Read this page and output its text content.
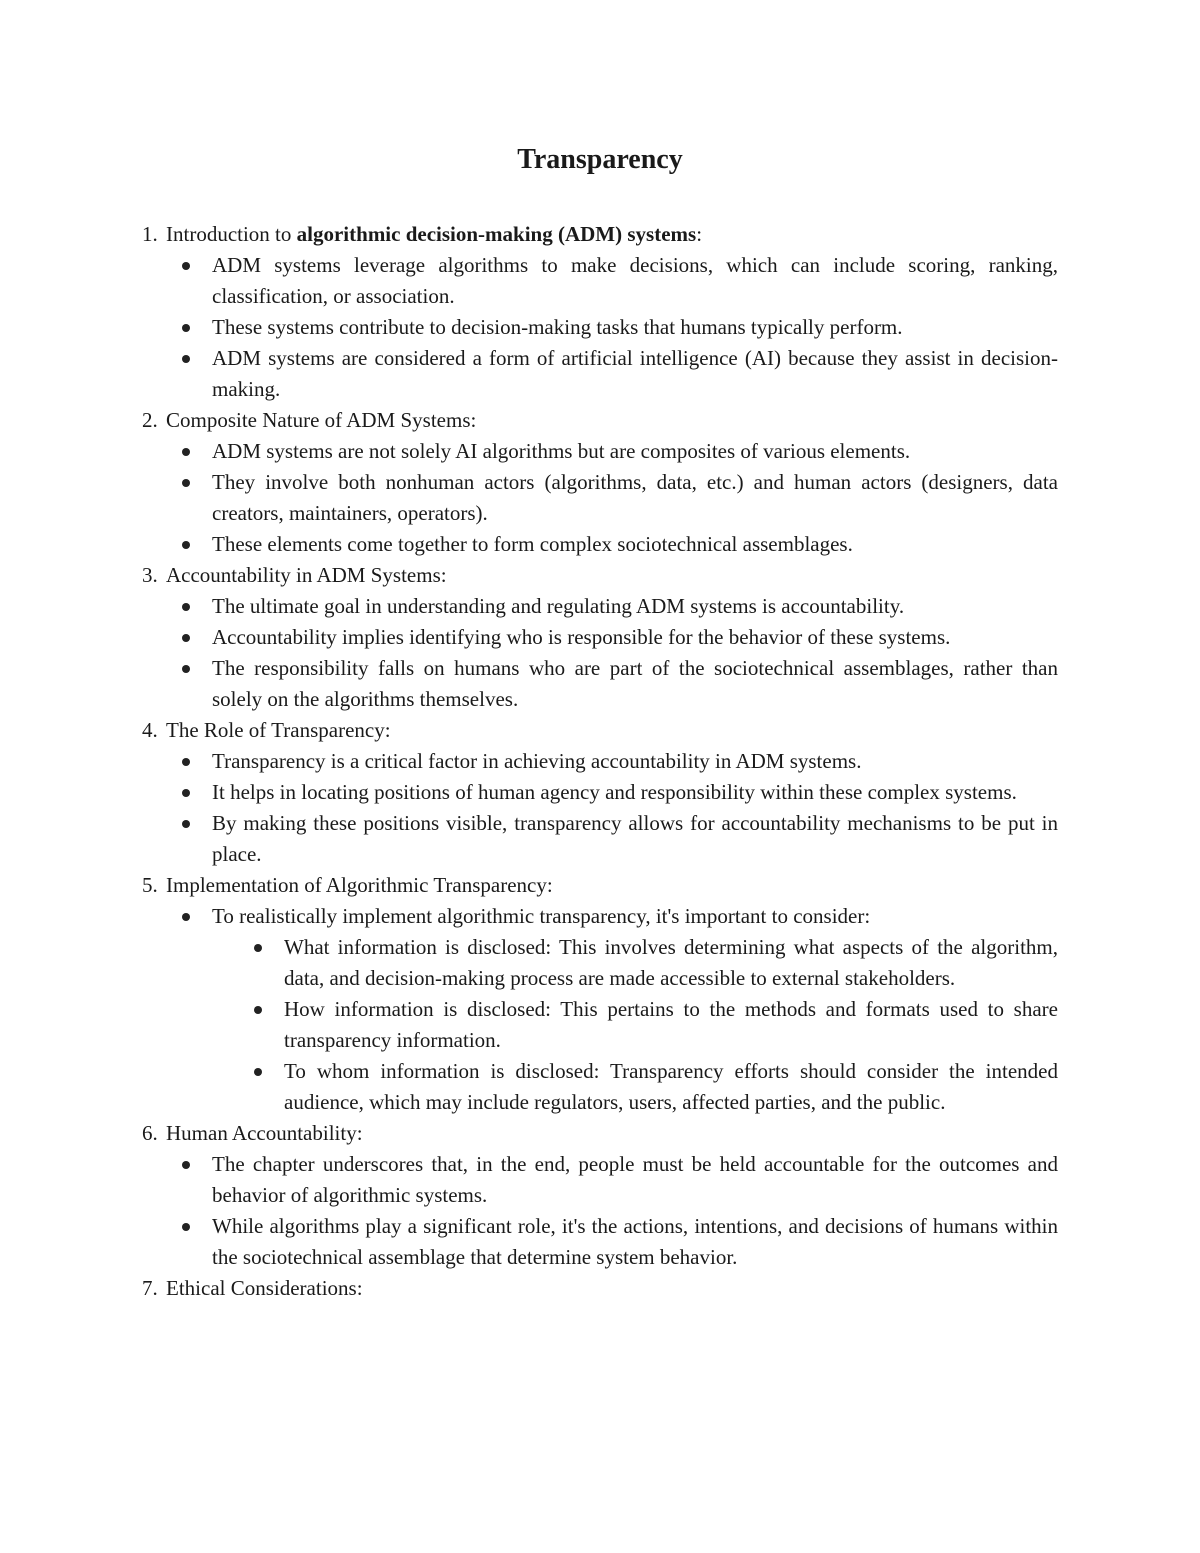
Transparency
1. Introduction to algorithmic decision-making (ADM) systems:
ADM systems leverage algorithms to make decisions, which can include scoring, ranking, classification, or association.
These systems contribute to decision-making tasks that humans typically perform.
ADM systems are considered a form of artificial intelligence (AI) because they assist in decision-making.
2. Composite Nature of ADM Systems:
ADM systems are not solely AI algorithms but are composites of various elements.
They involve both nonhuman actors (algorithms, data, etc.) and human actors (designers, data creators, maintainers, operators).
These elements come together to form complex sociotechnical assemblages.
3. Accountability in ADM Systems:
The ultimate goal in understanding and regulating ADM systems is accountability.
Accountability implies identifying who is responsible for the behavior of these systems.
The responsibility falls on humans who are part of the sociotechnical assemblages, rather than solely on the algorithms themselves.
4. The Role of Transparency:
Transparency is a critical factor in achieving accountability in ADM systems.
It helps in locating positions of human agency and responsibility within these complex systems.
By making these positions visible, transparency allows for accountability mechanisms to be put in place.
5. Implementation of Algorithmic Transparency:
To realistically implement algorithmic transparency, it's important to consider:
What information is disclosed: This involves determining what aspects of the algorithm, data, and decision-making process are made accessible to external stakeholders.
How information is disclosed: This pertains to the methods and formats used to share transparency information.
To whom information is disclosed: Transparency efforts should consider the intended audience, which may include regulators, users, affected parties, and the public.
6. Human Accountability:
The chapter underscores that, in the end, people must be held accountable for the outcomes and behavior of algorithmic systems.
While algorithms play a significant role, it's the actions, intentions, and decisions of humans within the sociotechnical assemblage that determine system behavior.
7. Ethical Considerations:
